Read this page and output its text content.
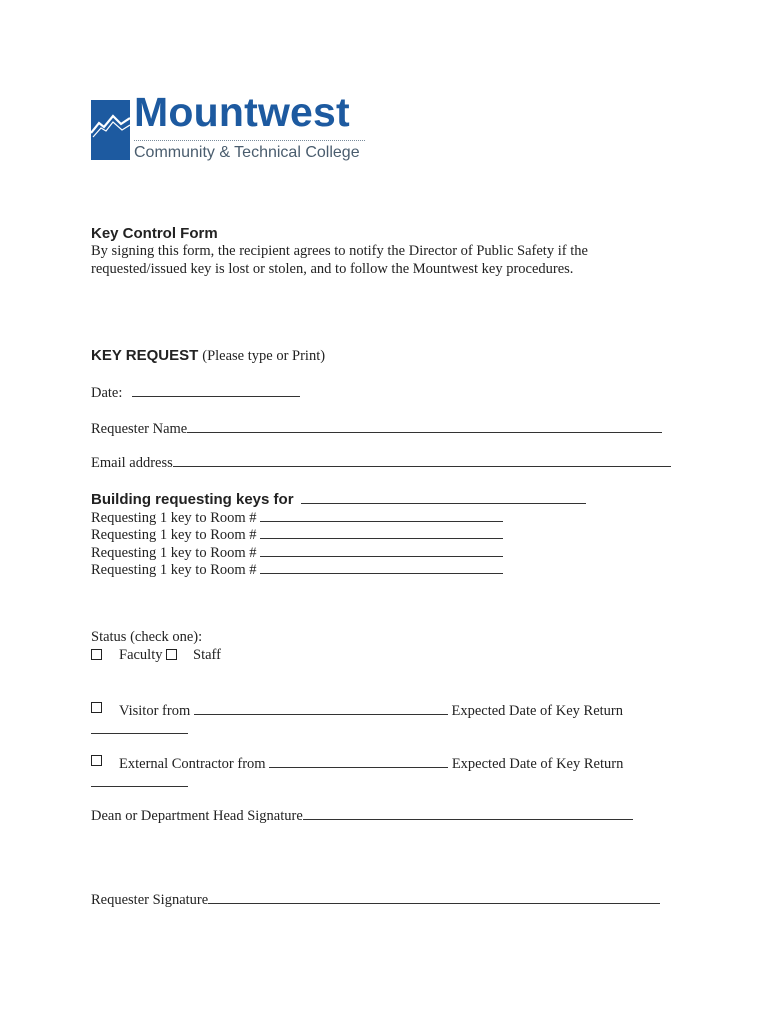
Mountwest
Community & Technical College
Key Control Form
By signing this form, the recipient agrees to notify the Director of Public Safety if the
requested/issued key is lost or stolen, and to follow the Mountwest key procedures.
KEY REQUEST (Please type or Print)
Date:
Requester Name
Email address
Building requesting keys for
Requesting 1 key to Room #
Requesting 1 key to Room #
Requesting 1 key to Room #
Requesting 1 key to Room #
Status (check one):
Faculty Staff
Visitor from	Expected Date of Key Return
External Contractor from	Expected Date of Key Return
Dean or Department Head Signature
Requester Signature
